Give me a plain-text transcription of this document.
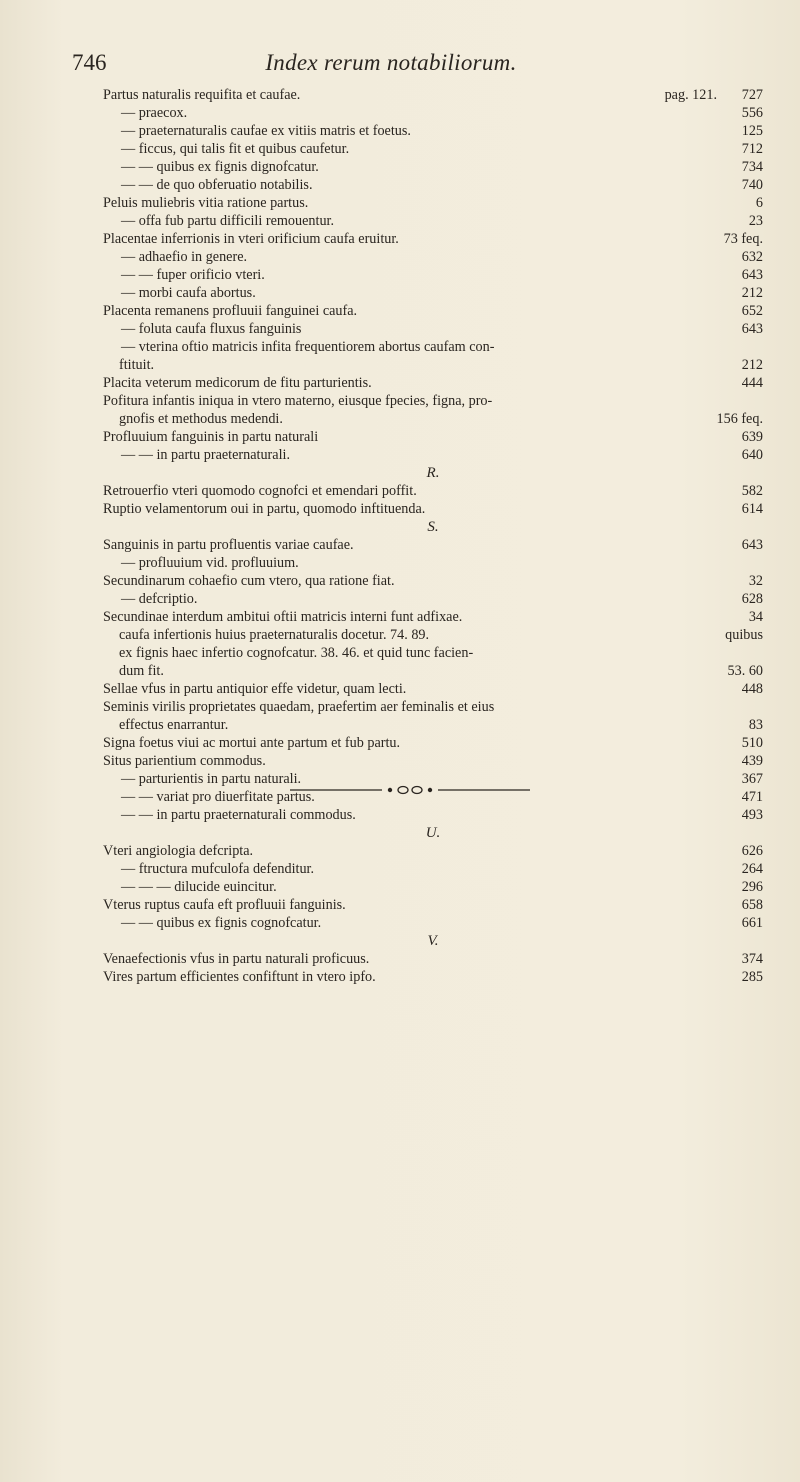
746	Index rerum notabiliorum.
Partus naturalis requifita et caufae.	pag. 121. 727
— praecox.	556
— praeternaturalis caufae ex vitiis matris et foetus.	125
— ficcus, qui talis fit et quibus caufetur.	712
— — quibus ex fignis dignofcatur.	734
— — de quo obferuatio notabilis.	740
Peluis muliebris vitia ratione partus.	6
— offa fub partu difficili remouentur.	23
Placentae inferrionis in vteri orificium caufa eruitur.	73 feq.
— adhaefio in genere.	632
— — fuper orificio vteri.	643
— morbi caufa abortus.	212
Placenta remanens profluuii fanguinei caufa.	652
— foluta caufa fluxus fanguinis	643
— vterina oftio matricis infita frequentiorem abortus caufam con-
ftituit.	212
Placita veterum medicorum de fitu parturientis.	444
Pofitura infantis iniqua in vtero materno, eiusque fpecies, figna, pro-
gnofis et methodus medendi.	156 feq.
Profluuium fanguinis in partu naturali	639
— — in partu praeternaturali.	640
R.
Retrouerfio vteri quomodo cognofci et emendari poffit.	582
Ruptio velamentorum oui in partu, quomodo inftituenda.	614
S.
Sanguinis in partu profluentis variae caufae.	643
— profluuium vid. profluuium.
Secundinarum cohaefio cum vtero, qua ratione fiat.	32
— defcriptio.	628
Secundinae interdum ambitui oftii matricis interni funt adfixae.	34
caufa infertionis huius praeternaturalis docetur. 74. 89.	quibus
ex fignis haec infertio cognofcatur. 38. 46. et quid tunc facien-
dum fit.	53. 60
Sellae vfus in partu antiquior effe videtur, quam lecti.	448
Seminis virilis proprietates quaedam, praefertim aer feminalis et eius
effectus enarrantur.	83
Signa foetus viui ac mortui ante partum et fub partu.	510
Situs parientium commodus.	439
— parturientis in partu naturali.	367
— — variat pro diuerfitate partus.	471
— — in partu praeternaturali commodus.	493
U.
Vteri angiologia defcripta.	626
— ftructura mufculofa defenditur.	264
— — — dilucide euincitur.	296
Vterus ruptus caufa eft profluuii fanguinis.	658
— — quibus ex fignis cognofcatur.	661
V.
Venaefectionis vfus in partu naturali proficuus.	374
Vires partum efficientes confiftunt in vtero ipfo.	285
